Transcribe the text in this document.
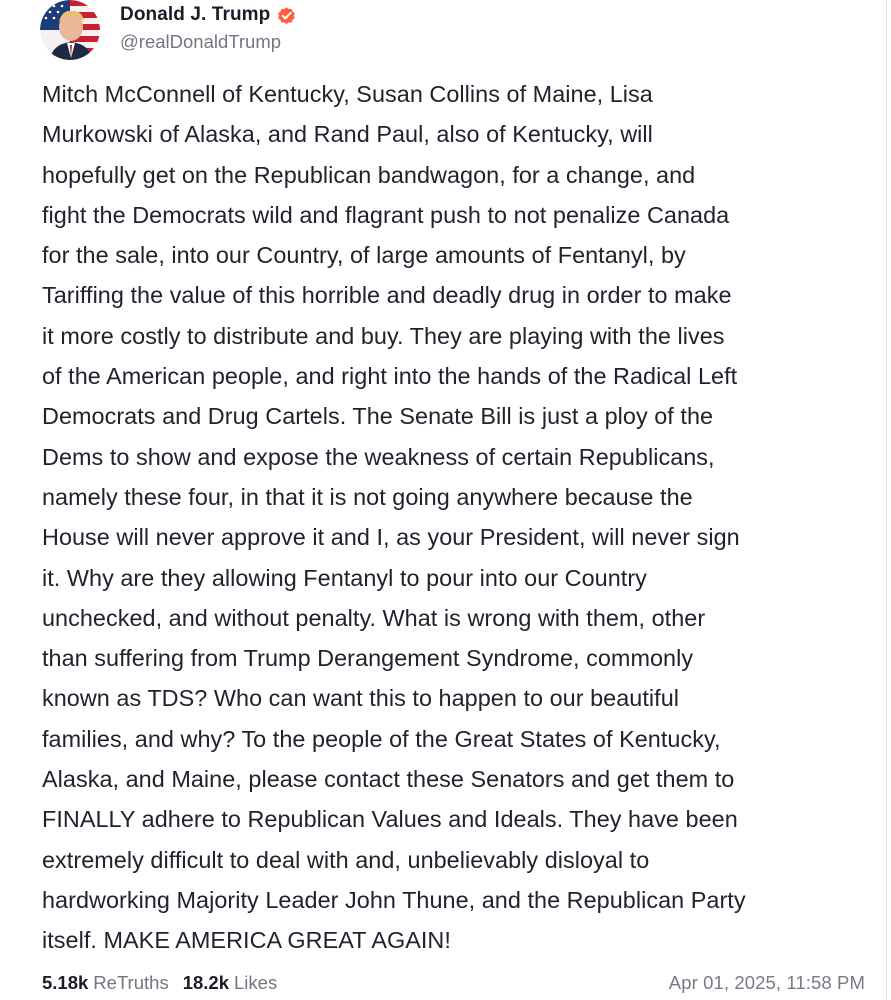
Donald J. Trump
@realDonaldTrump

Mitch McConnell of Kentucky, Susan Collins of Maine, Lisa
Murkowski of Alaska, and Rand Paul, also of Kentucky, will
hopefully get on the Republican bandwagon, for a change, and
fight the Democrats wild and flagrant push to not penalize Canada
for the sale, into our Country, of large amounts of Fentanyl, by
Tariffing the value of this horrible and deadly drug in order to make
it more costly to distribute and buy. They are playing with the lives
of the American people, and right into the hands of the Radical Left
Democrats and Drug Cartels. The Senate Bill is just a ploy of the
Dems to show and expose the weakness of certain Republicans,
namely these four, in that it is not going anywhere because the
House will never approve it and I, as your President, will never sign
it. Why are they allowing Fentanyl to pour into our Country
unchecked, and without penalty. What is wrong with them, other
than suffering from Trump Derangement Syndrome, commonly
known as TDS? Who can want this to happen to our beautiful
families, and why? To the people of the Great States of Kentucky,
Alaska, and Maine, please contact these Senators and get them to
FINALLY adhere to Republican Values and Ideals. They have been
extremely difficult to deal with and, unbelievably disloyal to
hardworking Majority Leader John Thune, and the Republican Party
itself. MAKE AMERICA GREAT AGAIN!

5.18k ReTruths 18.2k Likes	Apr 01, 2025, 11:58 PM
